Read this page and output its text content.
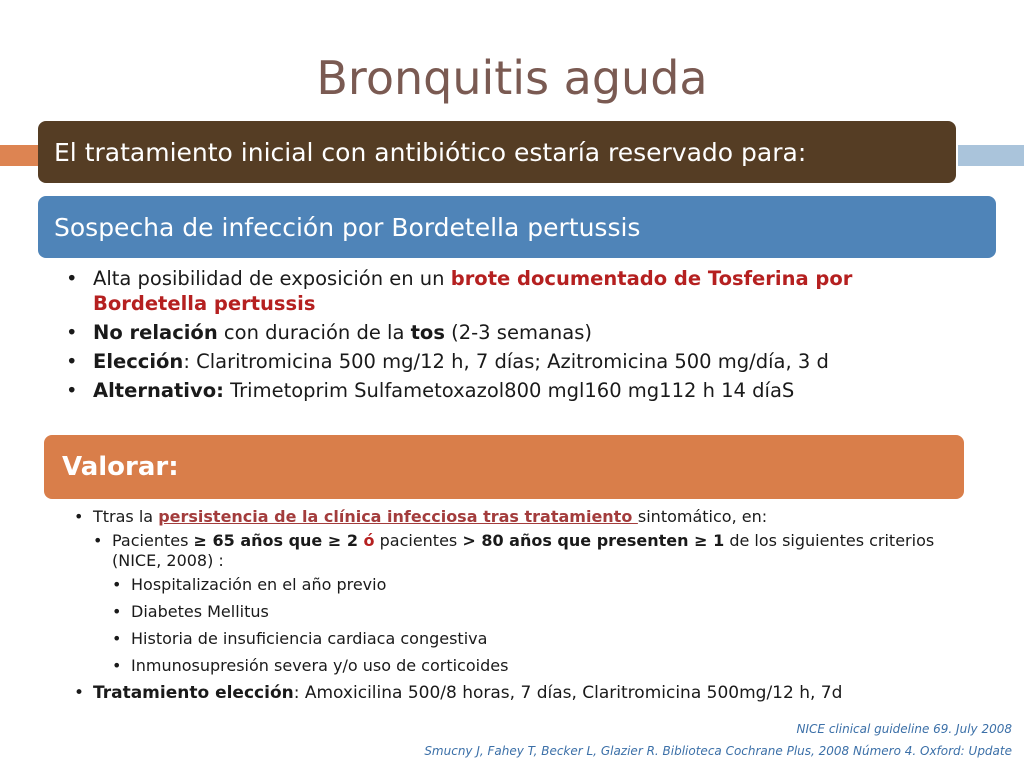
Bronquitis aguda
El tratamiento inicial con antibiótico estaría reservado para:
Sospecha de infección por Bordetella pertussis
• Alta posibilidad de exposición en un brote documentado de Tosferina por Bordetella pertussis
• No relación con duración de la tos (2-3 semanas)
• Elección: Claritromicina 500 mg/12 h, 7 días; Azitromicina 500 mg/día, 3 d
• Alternativo: Trimetoprim Sulfametoxazol800 mgl160 mg112 h 14 díaS
Valorar:
• Ttras la persistencia de la clínica infecciosa tras tratamiento sintomático, en:
• Pacientes ≥ 65 años que ≥ 2 ó pacientes > 80 años que presenten ≥ 1 de los siguientes criterios (NICE, 2008) :
• Hospitalización en el año previo
• Diabetes Mellitus
• Historia de insuficiencia cardiaca congestiva
• Inmunosupresión severa y/o uso de corticoides
• Tratamiento elección: Amoxicilina 500/8 horas, 7 días, Claritromicina 500mg/12 h, 7d
NICE clinical guideline 69. July 2008
Smucny J, Fahey T, Becker L, Glazier R. Biblioteca Cochrane Plus, 2008 Número 4. Oxford: Update
